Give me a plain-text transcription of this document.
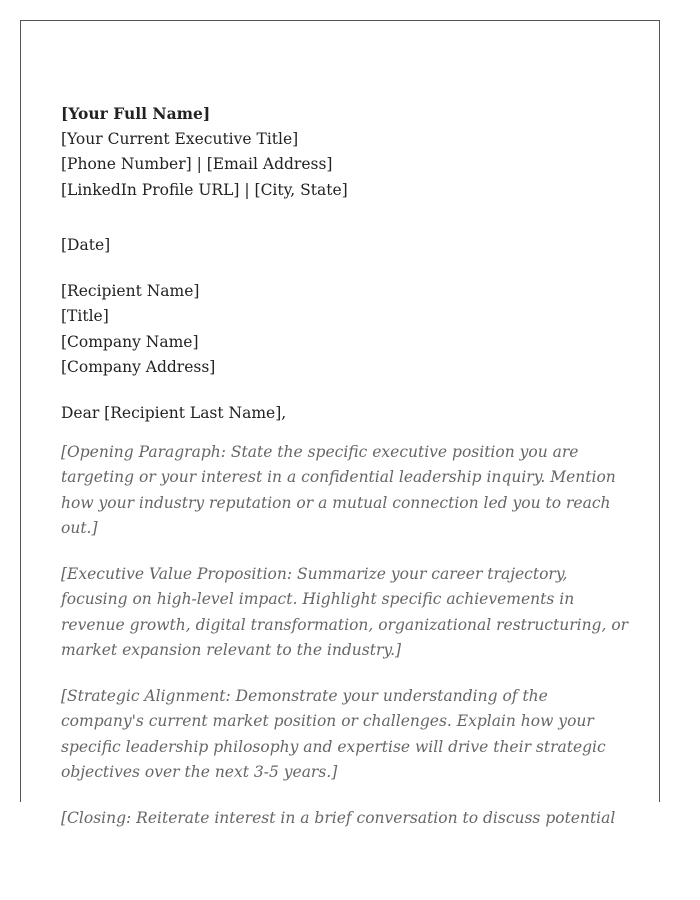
[Your Full Name]
[Your Current Executive Title]
[Phone Number] | [Email Address]
[LinkedIn Profile URL] | [City, State]
[Date]
[Recipient Name]
[Title]
[Company Name]
[Company Address]
Dear [Recipient Last Name],
[Opening Paragraph: State the specific executive position you are targeting or your interest in a confidential leadership inquiry. Mention how your industry reputation or a mutual connection led you to reach out.]
[Executive Value Proposition: Summarize your career trajectory, focusing on high-level impact. Highlight specific achievements in revenue growth, digital transformation, organizational restructuring, or market expansion relevant to the industry.]
[Strategic Alignment: Demonstrate your understanding of the company's current market position or challenges. Explain how your specific leadership philosophy and expertise will drive their strategic objectives over the next 3-5 years.]
[Closing: Reiterate interest in a brief conversation to discuss potential
